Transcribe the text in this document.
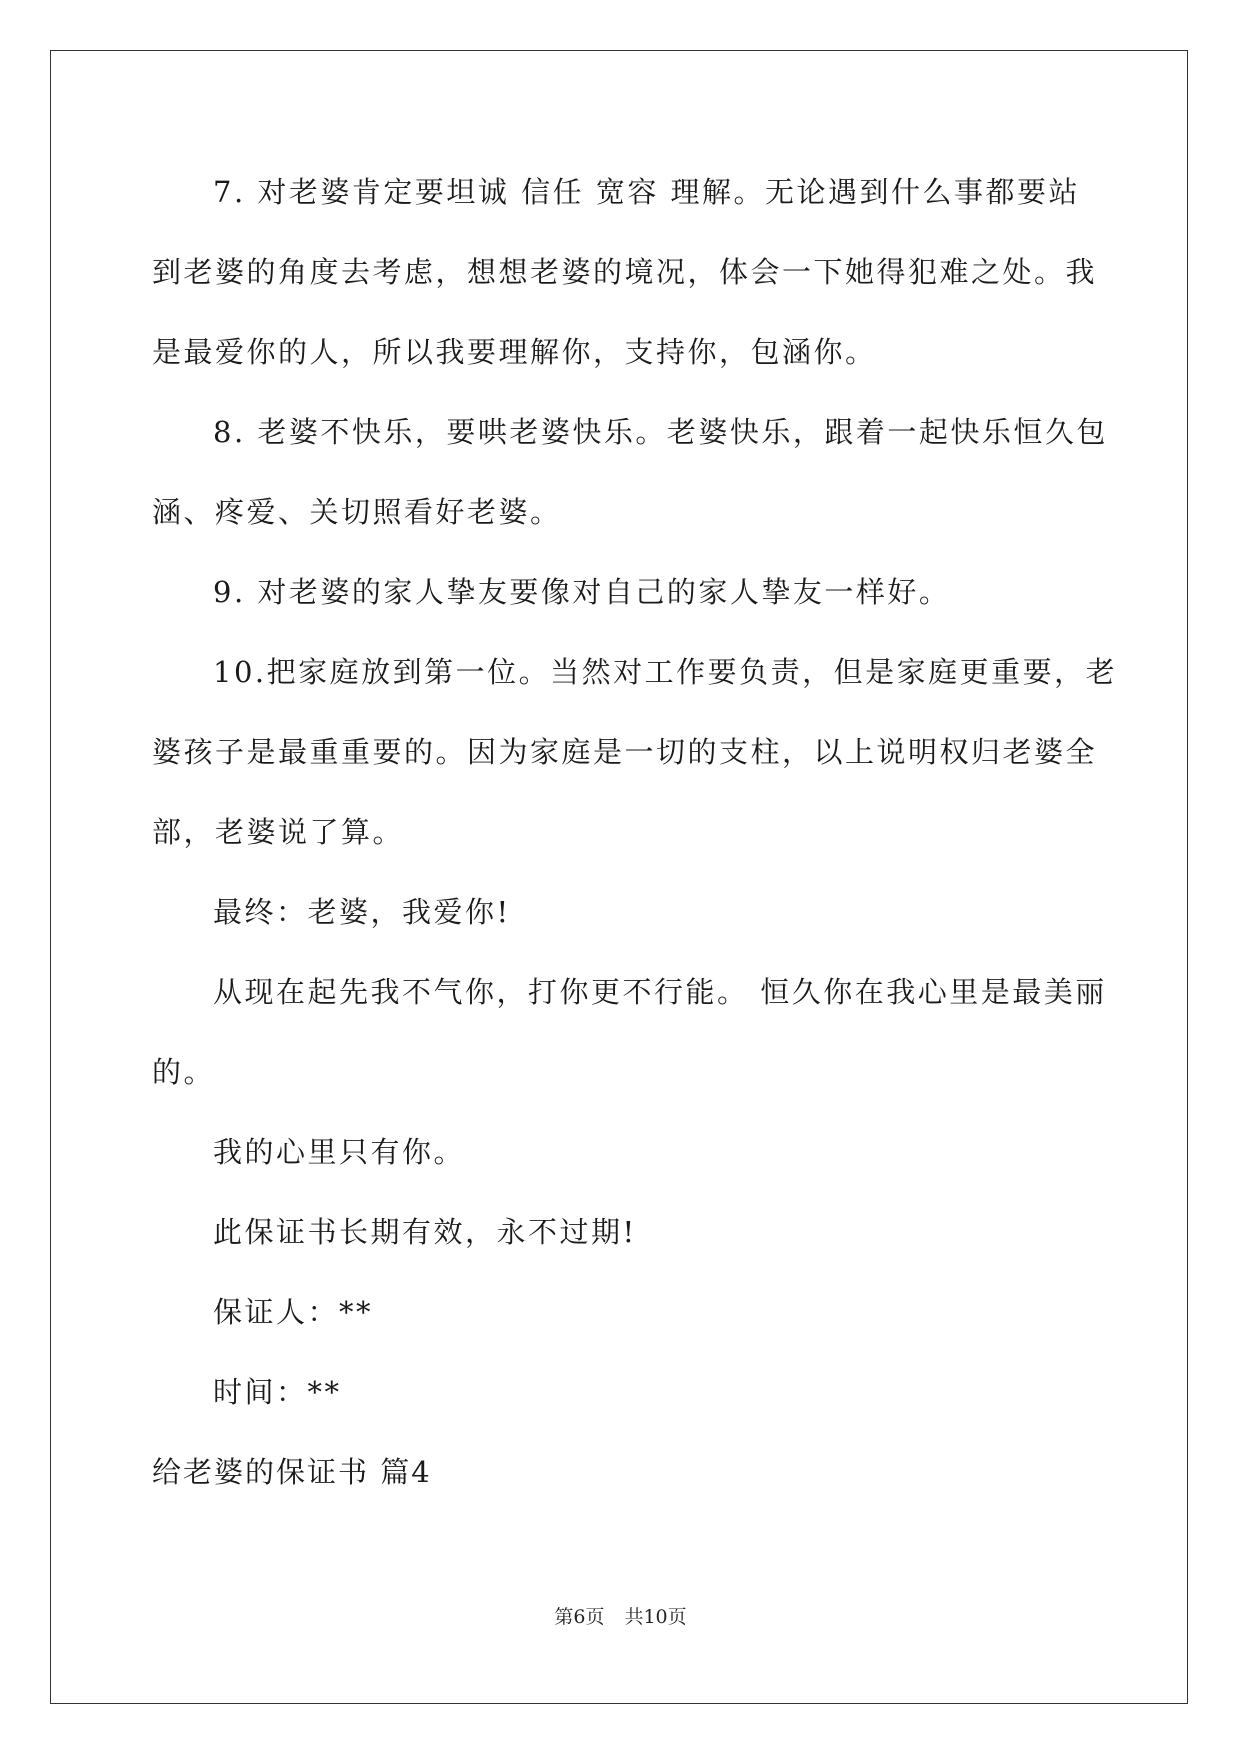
7. 对老婆肯定要坦诚 信任 宽容 理解。无论遇到什么事都要站
到老婆的角度去考虑，想想老婆的境况，体会一下她得犯难之处。我
是最爱你的人，所以我要理解你，支持你，包涵你。
8. 老婆不快乐，要哄老婆快乐。老婆快乐，跟着一起快乐恒久包
涵、疼爱、关切照看好老婆。
9. 对老婆的家人挚友要像对自己的家人挚友一样好。
10.把家庭放到第一位。当然对工作要负责，但是家庭更重要，老
婆孩子是最重重要的。因为家庭是一切的支柱，以上说明权归老婆全
部，老婆说了算。
最终：老婆，我爱你!
从现在起先我不气你，打你更不行能。 恒久你在我心里是最美丽
的。
我的心里只有你。
此保证书长期有效，永不过期!
保证人：**
时间：**
给老婆的保证书 篇4
第6页 共10页
